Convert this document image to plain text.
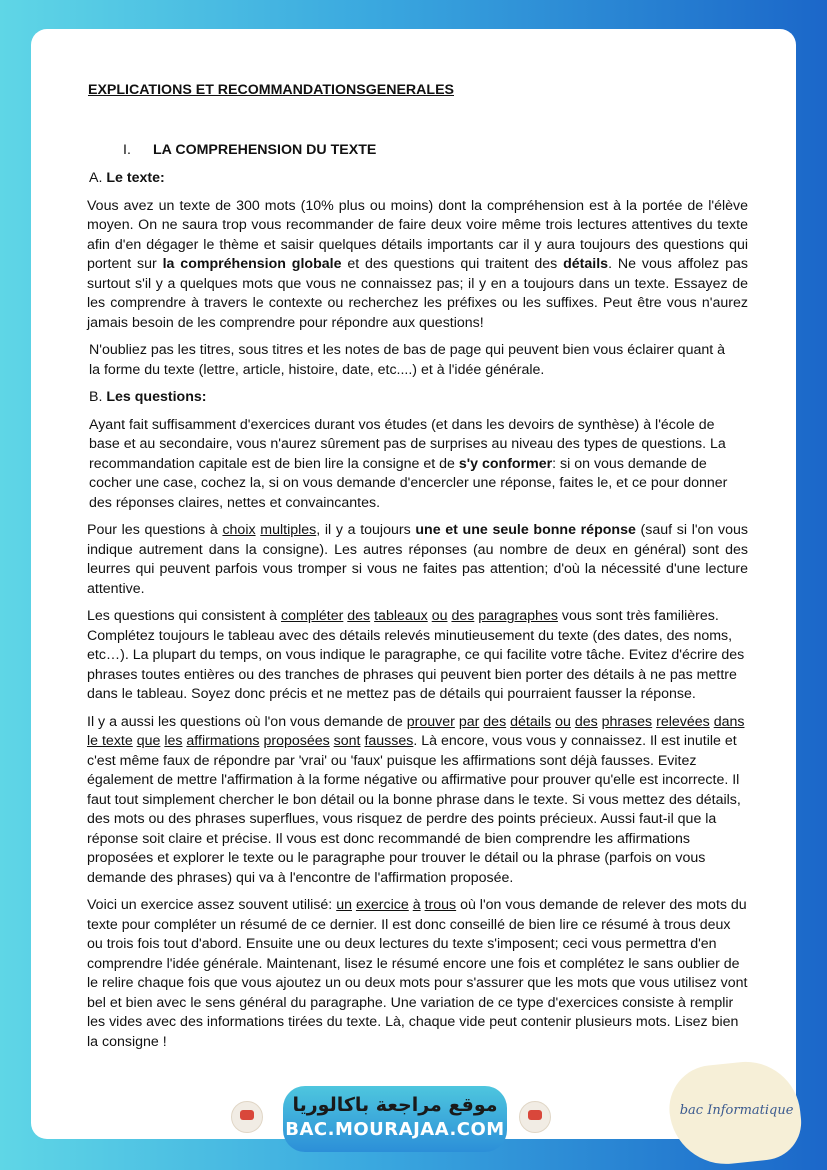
EXPLICATIONS ET RECOMMANDATIONSGENERALES
I. LA COMPREHENSION DU TEXTE
A. Le texte:

Vous avez un texte de 300 mots (10% plus ou moins) dont la compréhension est à la portée de l'élève moyen. On ne saura trop vous recommander de faire deux voire même trois lectures attentives du texte afin d'en dégager le thème et saisir quelques détails importants car il y aura toujours des questions qui portent sur la compréhension globale et des questions qui traitent des détails. Ne vous affolez pas surtout s'il y a quelques mots que vous ne connaissez pas; il y en a toujours dans un texte. Essayez de les comprendre à travers le contexte ou recherchez les préfixes ou les suffixes. Peut être vous n'aurez jamais besoin de les comprendre pour répondre aux questions!

N'oubliez pas les titres, sous titres et les notes de bas de page qui peuvent bien vous éclairer quant à la forme du texte (lettre, article, histoire, date, etc....) et à l'idée générale.

B. Les questions:

Ayant fait suffisamment d'exercices durant vos études (et dans les devoirs de synthèse) à l'école de base et au secondaire, vous n'aurez sûrement pas de surprises au niveau des types de questions. La recommandation capitale est de bien lire la consigne et de s'y conformer: si on vous demande de cocher une case, cochez la, si on vous demande d'encercler une réponse, faites le, et ce pour donner des réponses claires, nettes et convaincantes.

Pour les questions à choix multiples, il y a toujours une et une seule bonne réponse (sauf si l'on vous indique autrement dans la consigne). Les autres réponses (au nombre de deux en général) sont des leurres qui peuvent parfois vous tromper si vous ne faites pas attention; d'où la nécessité d'une lecture attentive.

Les questions qui consistent à compléter des tableaux ou des paragraphes vous sont très familières. Complétez toujours le tableau avec des détails relevés minutieusement du texte (des dates, des noms, etc…). La plupart du temps, on vous indique le paragraphe, ce qui facilite votre tâche. Evitez d'écrire des phrases toutes entières ou des tranches de phrases qui peuvent bien porter des détails à ne pas mettre dans le tableau. Soyez donc précis et ne mettez pas de détails qui pourraient fausser la réponse.

Il y a aussi les questions où l'on vous demande de prouver par des détails ou des phrases relevées dans le texte que les affirmations proposées sont fausses. Là encore, vous vous y connaissez. Il est inutile et c'est même faux de répondre par 'vrai' ou 'faux' puisque les affirmations sont déjà fausses. Evitez également de mettre l'affirmation à la forme négative ou affirmative pour prouver qu'elle est incorrecte. Il faut tout simplement chercher le bon détail ou la bonne phrase dans le texte. Si vous mettez des détails, des mots ou des phrases superflues, vous risquez de perdre des points précieux. Aussi faut-il que la réponse soit claire et précise. Il vous est donc recommandé de bien comprendre les affirmations proposées et explorer le texte ou le paragraphe pour trouver le détail ou la phrase (parfois on vous demande des phrases) qui va à l'encontre de l'affirmation proposée.

Voici un exercice assez souvent utilisé: un exercice à trous où l'on vous demande de relever des mots du texte pour compléter un résumé de ce dernier. Il est donc conseillé de bien lire ce résumé à trous deux ou trois fois tout d'abord. Ensuite une ou deux lectures du texte s'imposent; ceci vous permettra d'en comprendre l'idée générale. Maintenant, lisez le résumé encore une fois et complétez le sans oublier de le relire chaque fois que vous ajoutez un ou deux mots pour s'assurer que les mots que vous utilisez vont bel et bien avec le sens général du paragraphe. Une variation de ce type d'exercices consiste à remplir les vides avec des informations tirées du texte. Là, chaque vide peut contenir plusieurs mots. Lisez bien la consigne !

موقع مراجعة باكالوريا
BAC.MOURAJAA.COM
bac Informatique
